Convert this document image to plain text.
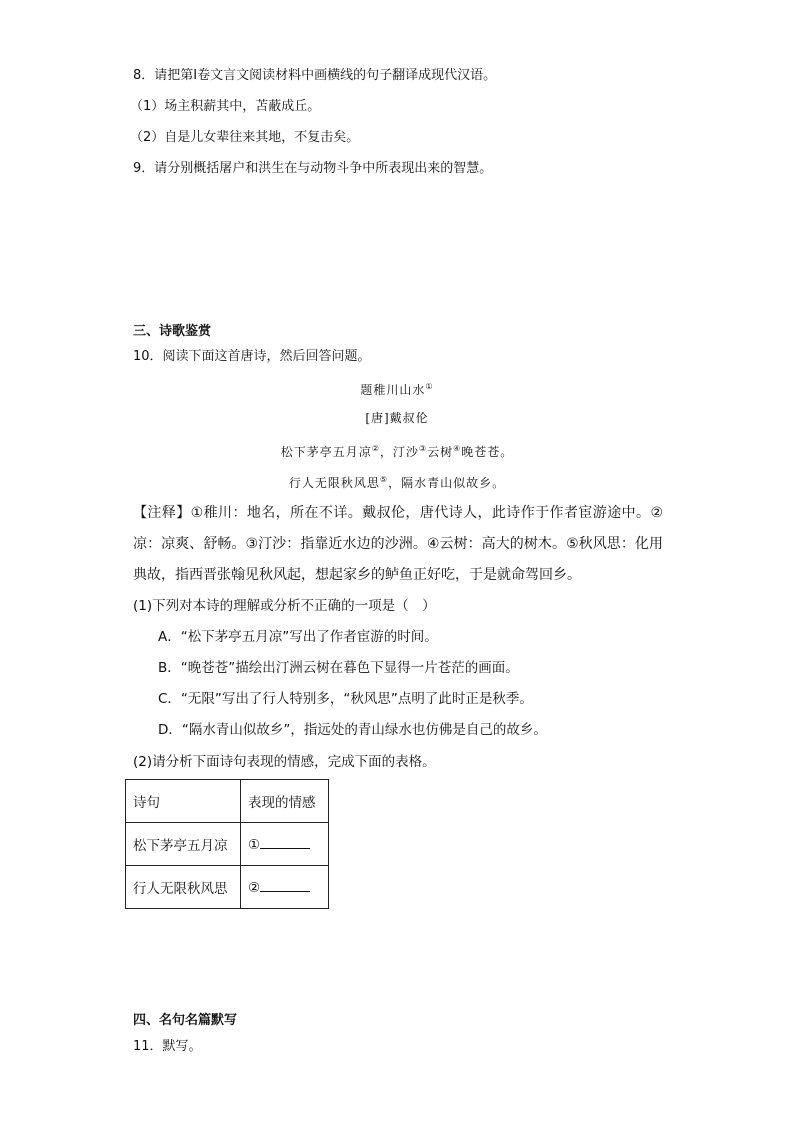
8．请把第Ⅰ卷文言文阅读材料中画横线的句子翻译成现代汉语。
（1）场主积薪其中，苫蔽成丘。
（2）自是儿女辈往来其地，不复击矣。
9．请分别概括屠户和洪生在与动物斗争中所表现出来的智慧。
三、诗歌鉴赏
10．阅读下面这首唐诗，然后回答问题。
题稚川山水①
[唐]戴叔伦
松下茅亭五月凉②，汀沙③云树④晚苍苍。
行人无限秋风思⑤，隔水青山似故乡。

【注释】①稚川：地名，所在不详。戴叔伦，唐代诗人，此诗作于作者宦游途中。②凉：凉爽、舒畅。③汀沙：指靠近水边的沙洲。④云树：高大的树木。⑤秋风思：化用典故，指西晋张翰见秋风起，想起家乡的鲈鱼正好吃，于是就命驾回乡。

(1)下列对本诗的理解或分析不正确的一项是（　）
A．“松下茅亭五月凉”写出了作者宦游的时间。
B．“晚苍苍”描绘出汀洲云树在暮色下显得一片苍茫的画面。
C．“无限”写出了行人特别多，“秋风思”点明了此时正是秋季。
D．“隔水青山似故乡”，指远处的青山绿水也仿佛是自己的故乡。
(2)请分析下面诗句表现的情感，完成下面的表格。
诗句	表现的情感
松下茅亭五月凉	①
行人无限秋风思	②
四、名句名篇默写
11．默写。
